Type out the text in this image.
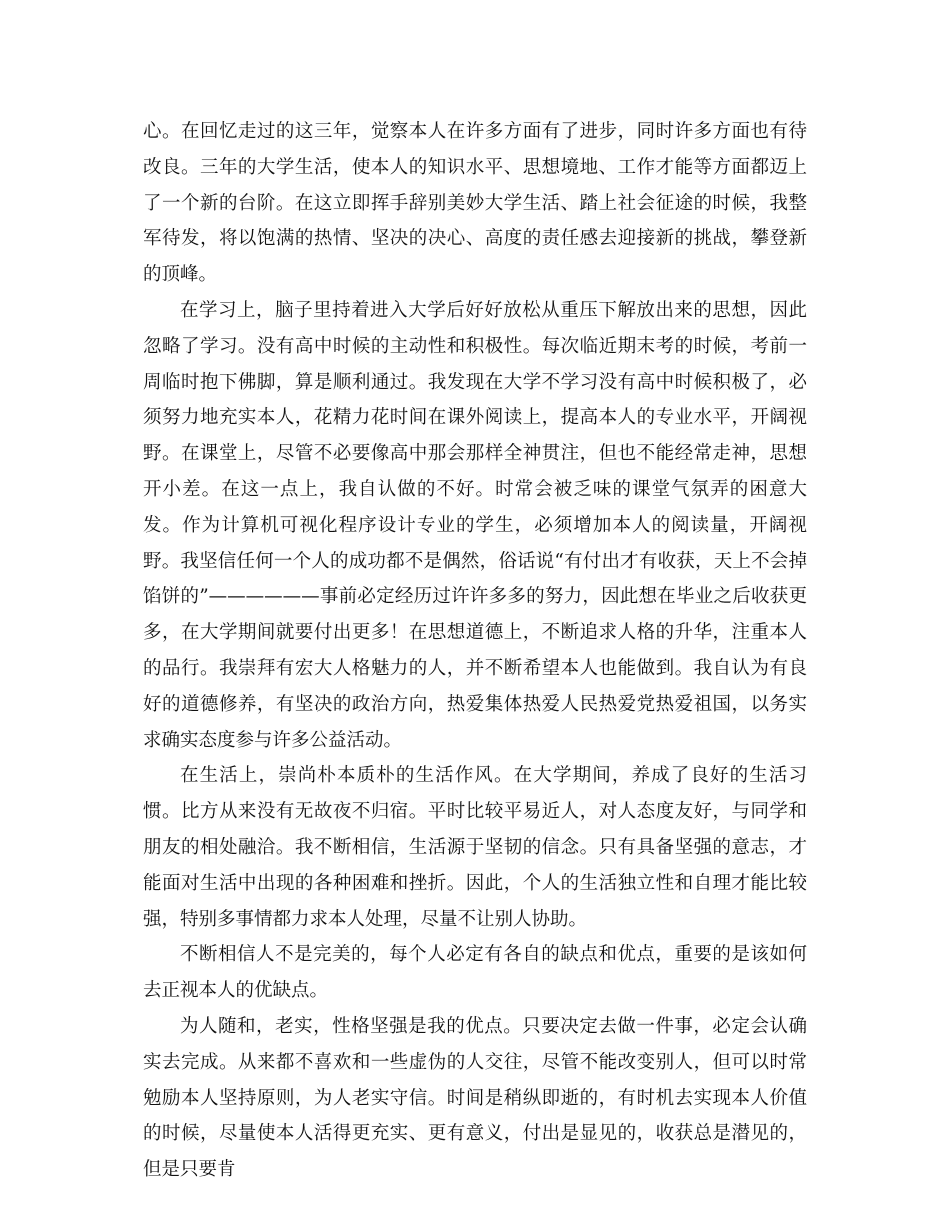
心。在回忆走过的这三年，觉察本人在许多方面有了进步，同时许多方面也有待改良。三年的大学生活，使本人的知识水平、思想境地、工作才能等方面都迈上了一个新的台阶。在这立即挥手辞别美妙大学生活、踏上社会征途的时候，我整军待发，将以饱满的热情、坚决的决心、高度的责任感去迎接新的挑战，攀登新的顶峰。

在学习上，脑子里持着进入大学后好好放松从重压下解放出来的思想，因此忽略了学习。没有高中时候的主动性和积极性。每次临近期末考的时候，考前一周临时抱下佛脚，算是顺利通过。我发现在大学不学习没有高中时候积极了，必须努力地充实本人，花精力花时间在课外阅读上，提高本人的专业水平，开阔视野。在课堂上，尽管不必要像高中那会那样全神贯注，但也不能经常走神，思想开小差。在这一点上，我自认做的不好。时常会被乏味的课堂气氛弄的困意大发。作为计算机可视化程序设计专业的学生，必须增加本人的阅读量，开阔视野。我坚信任何一个人的成功都不是偶然，俗话说“有付出才有收获，天上不会掉馅饼的”——————事前必定经历过许许多多的努力，因此想在毕业之后收获更多，在大学期间就要付出更多！在思想道德上，不断追求人格的升华，注重本人的品行。我崇拜有宏大人格魅力的人，并不断希望本人也能做到。我自认为有良好的道德修养，有坚决的政治方向，热爱集体热爱人民热爱党热爱祖国，以务实求确实态度参与许多公益活动。

在生活上，崇尚朴本质朴的生活作风。在大学期间，养成了良好的生活习惯。比方从来没有无故夜不归宿。平时比较平易近人，对人态度友好，与同学和朋友的相处融洽。我不断相信，生活源于坚韧的信念。只有具备坚强的意志，才能面对生活中出现的各种困难和挫折。因此，个人的生活独立性和自理才能比较强，特别多事情都力求本人处理，尽量不让别人协助。

不断相信人不是完美的，每个人必定有各自的缺点和优点，重要的是该如何去正视本人的优缺点。

为人随和，老实，性格坚强是我的优点。只要决定去做一件事，必定会认确实去完成。从来都不喜欢和一些虚伪的人交往，尽管不能改变别人，但可以时常勉励本人坚持原则，为人老实守信。时间是稍纵即逝的，有时机去实现本人价值的时候，尽量使本人活得更充实、更有意义，付出是显见的，收获总是潜见的，但是只要肯
